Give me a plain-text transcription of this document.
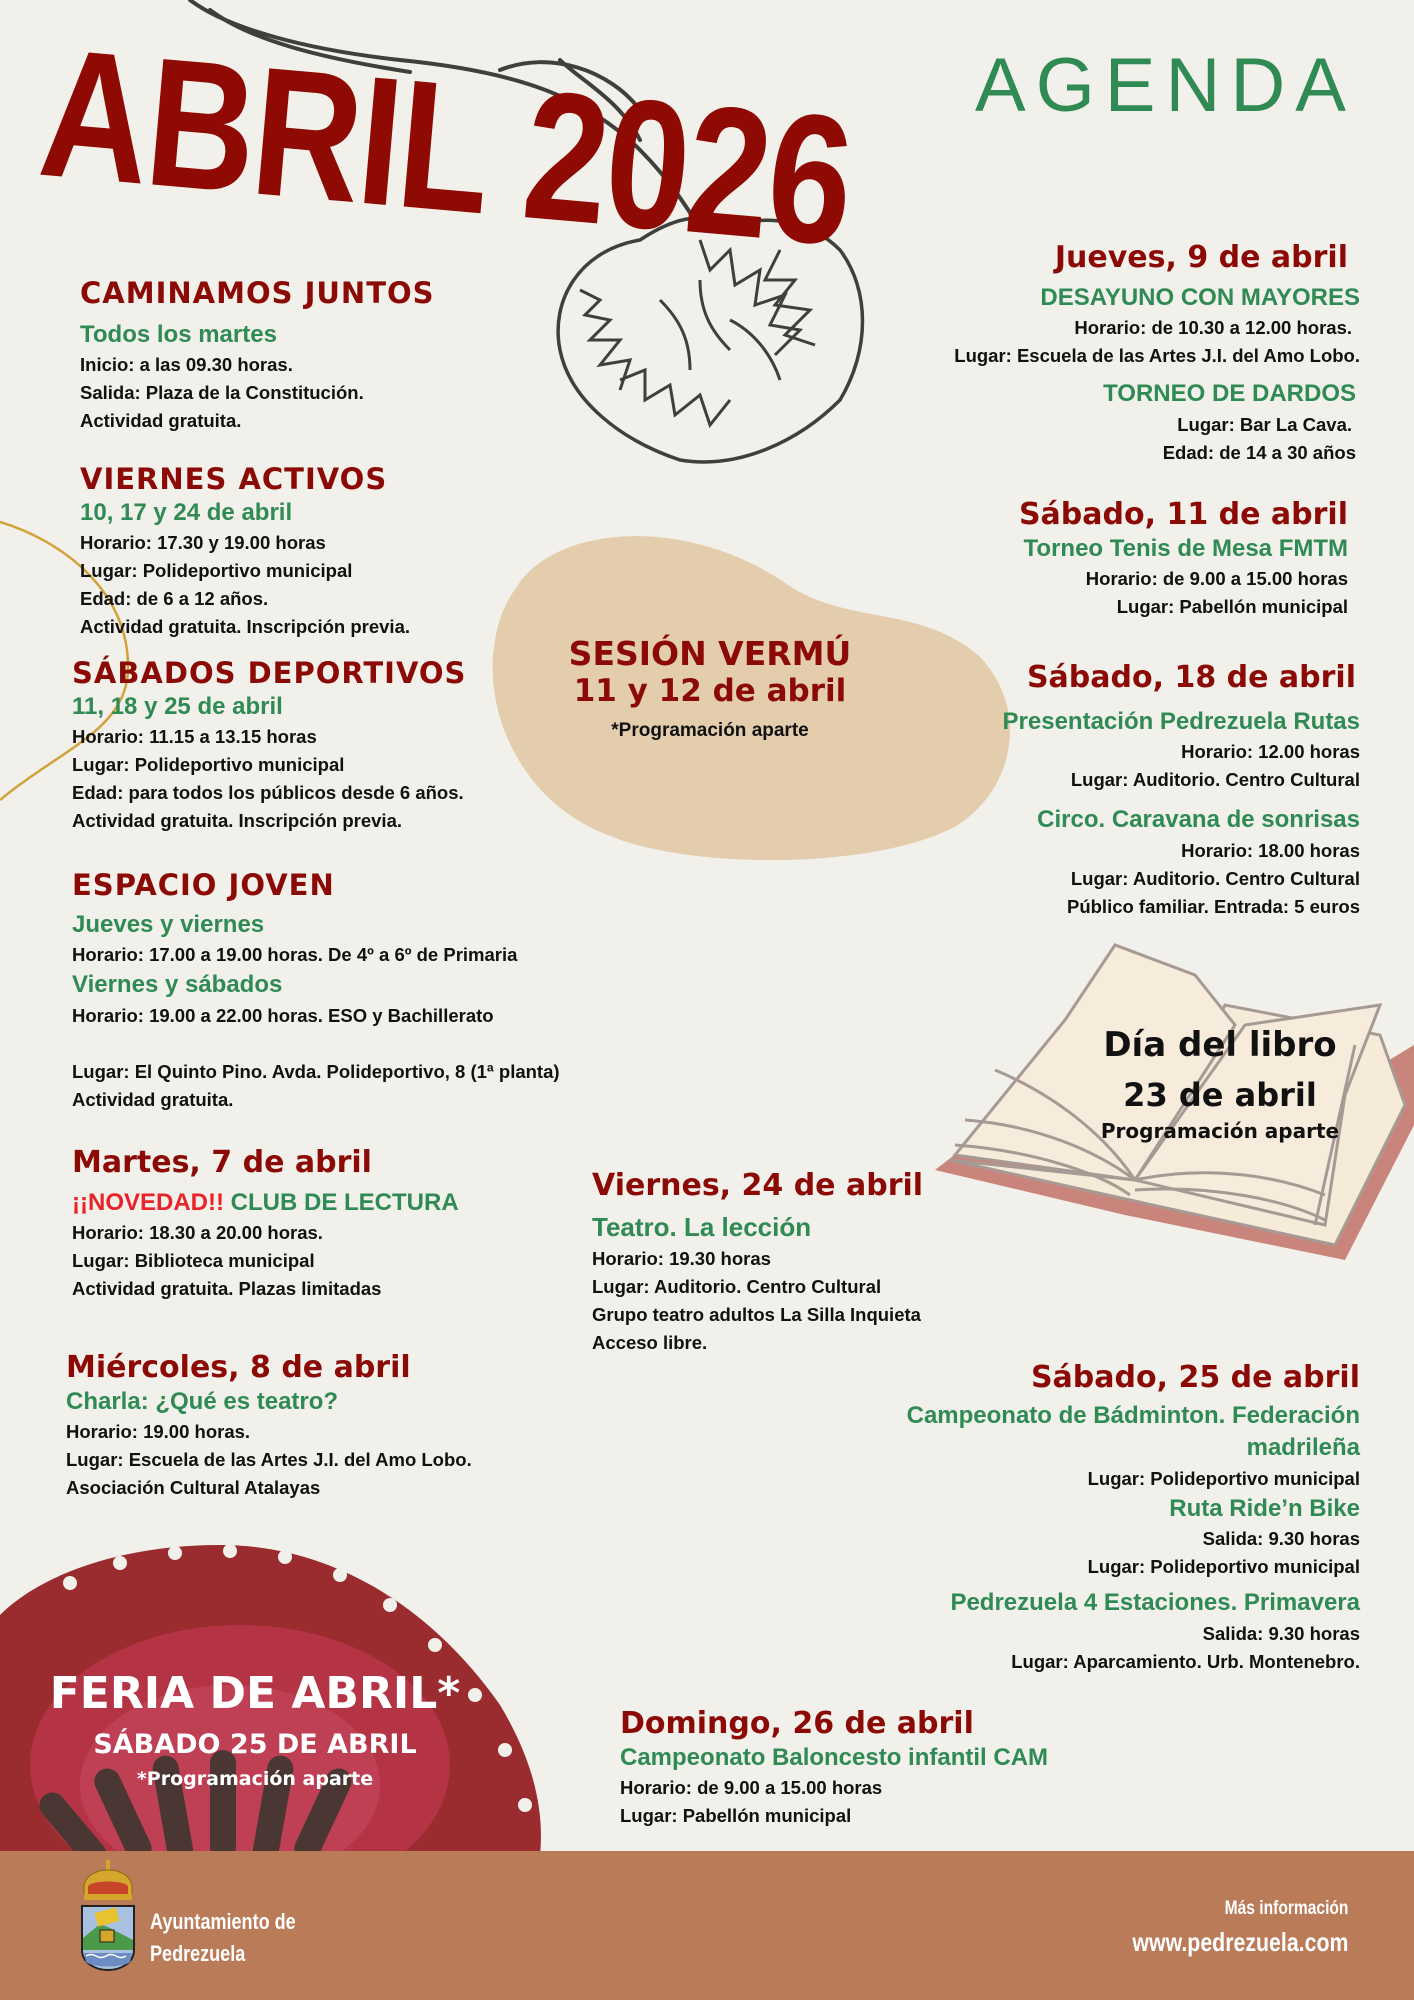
ABRIL 2026 AGENDA
SESIÓN VERMÚ
11 y 12 de abril
*Programación aparte
CAMINAMOS JUNTOS

Todos los martes

Inicio: a las 09.30 horas.

Salida: Plaza de la Constitución.

Actividad gratuita.

VIERNES ACTIVOS

10, 17 y 24 de abril

Horario: 17.30 y 19.00 horas

Lugar: Polideportivo municipal

Edad: de 6 a 12 años.

Actividad gratuita. Inscripción previa.

SÁBADOS DEPORTIVOS

11, 18 y 25 de abril

Horario: 11.15 a 13.15 horas

Lugar: Polideportivo municipal

Edad: para todos los públicos desde 6 años.

Actividad gratuita. Inscripción previa.

ESPACIO JOVEN

Jueves y viernes

Horario: 17.00 a 19.00 horas. De 4º a 6º de Primaria

Viernes y sábados

Horario: 19.00 a 22.00 horas. ESO y Bachillerato

Lugar: El Quinto Pino. Avda. Polideportivo, 8 (1ª planta)

Actividad gratuita.

Martes, 7 de abril

¡¡NOVEDAD!! CLUB DE LECTURA

Horario: 18.30 a 20.00 horas.

Lugar: Biblioteca municipal

Actividad gratuita. Plazas limitadas

Miércoles, 8 de abril

Charla: ¿Qué es teatro?

Horario: 19.00 horas.

Lugar: Escuela de las Artes J.I. del Amo Lobo.

Asociación Cultural Atalayas

Jueves, 9 de abril

DESAYUNO CON MAYORES

Horario: de 10.30 a 12.00 horas.

Lugar: Escuela de las Artes J.I. del Amo Lobo.

TORNEO DE DARDOS

Lugar: Bar La Cava.

Edad: de 14 a 30 años

Sábado, 11 de abril

Torneo Tenis de Mesa FMTM

Horario: de 9.00 a 15.00 horas

Lugar: Pabellón municipal

Sábado, 18 de abril

Presentación Pedrezuela Rutas

Horario: 12.00 horas

Lugar: Auditorio. Centro Cultural

Circo. Caravana de sonrisas

Horario: 18.00 horas

Lugar: Auditorio. Centro Cultural

Público familiar. Entrada: 5 euros

Día del libro
23 de abril
Programación aparte
Viernes, 24 de abril

Teatro. La lección

Horario: 19.30 horas

Lugar: Auditorio. Centro Cultural

Grupo teatro adultos La Silla Inquieta

Acceso libre.

Sábado, 25 de abril

Campeonato de Bádminton. Federación

madrileña

Lugar: Polideportivo municipal

Ruta Ride’n Bike

Salida: 9.30 horas

Lugar: Polideportivo municipal

Pedrezuela 4 Estaciones. Primavera

Salida: 9.30 horas

Lugar: Aparcamiento. Urb. Montenebro.

Domingo, 26 de abril

Campeonato Baloncesto infantil CAM

Horario: de 9.00 a 15.00 horas

Lugar: Pabellón municipal

FERIA DE ABRIL*
SÁBADO 25 DE ABRIL
*Programación aparte
Ayuntamiento de
Pedrezuela
Más información
www.pedrezuela.com
